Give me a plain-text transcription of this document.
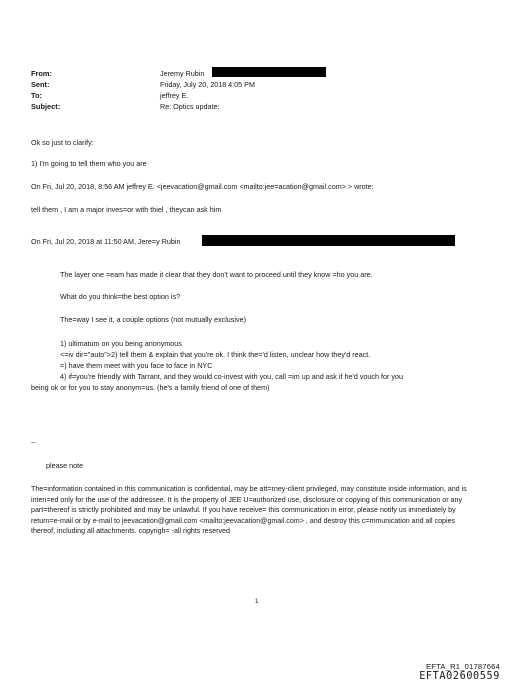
From:	Jeremy Rubin
Sent:	Friday, July 20, 2018 4:05 PM
To:	jeffrey E.
Subject:	Re: Optics update:
Ok so just to clarify:
1) I'm going to tell them who you are
On Fri, Jul 20, 2018, 8:56 AM jeffrey E. <jeevacation@gmail.com <mailto:jee=acation@gmail.com> > wrote:
tell them , I am a major inves=or with thiel , theycan ask him
On Fri, Jul 20, 2018 at 11:50 AM, Jere=y Rubin
The layer one =eam has made it clear that they don't want to proceed until they know =ho you are.
What do you think=the best option is?
The=way I see it, a couple options (not mutually exclusive)
1) ultimatum on you being anonymous
<=iv dir="auto">2) tell them & explain that you're ok. I think the='d listen, unclear how they'd react.
=) have them meet with you face to face in NYC
4) if=you're friendly with Tarrant, and they would co-invest with you, call =im up and ask if he'd vouch for you
being ok or for you to stay anonym=us. (he's a family friend of one of them)
--
please note
The=information contained in this communication is confidential, may be att=rney-client privileged, may constitute inside information, and is inten=ed only for the use of the addressee. It is the property of JEE U=authorized use, disclosure or copying of this communication or any part=thereof is strictly prohibited and may be unlawful. If you have receive= this communication in error, please notify us immediately by return=e-mail or by e-mail to jeevacation@gmail.com <mailto:jeevacation@gmail.com> , and destroy this c=mmunication and all copies thereof, including all attachments. copyrigh= -all rights reserved
1
EFTA_R1_01787664
EFTA02600559
